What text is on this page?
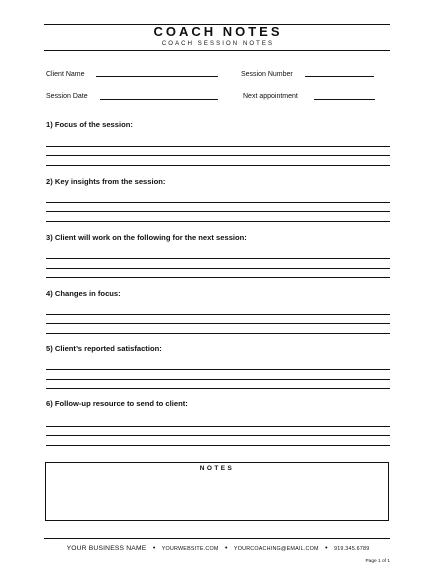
COACH NOTES
COACH SESSION NOTES
Client Name	Session Number
Session Date	Next appointment
1) Focus of the session:
2) Key insights from the session:
3) Client will work on the following for the next session:
4) Changes in focus:
5) Client’s reported satisfaction:
6) Follow-up resource to send to client:
NOTES
YOUR BUSINESS NAME • YOURWEBSITE.COM • YOURCOACHING@EMAIL.COM • 919.345.6789
Page 1 of 1
